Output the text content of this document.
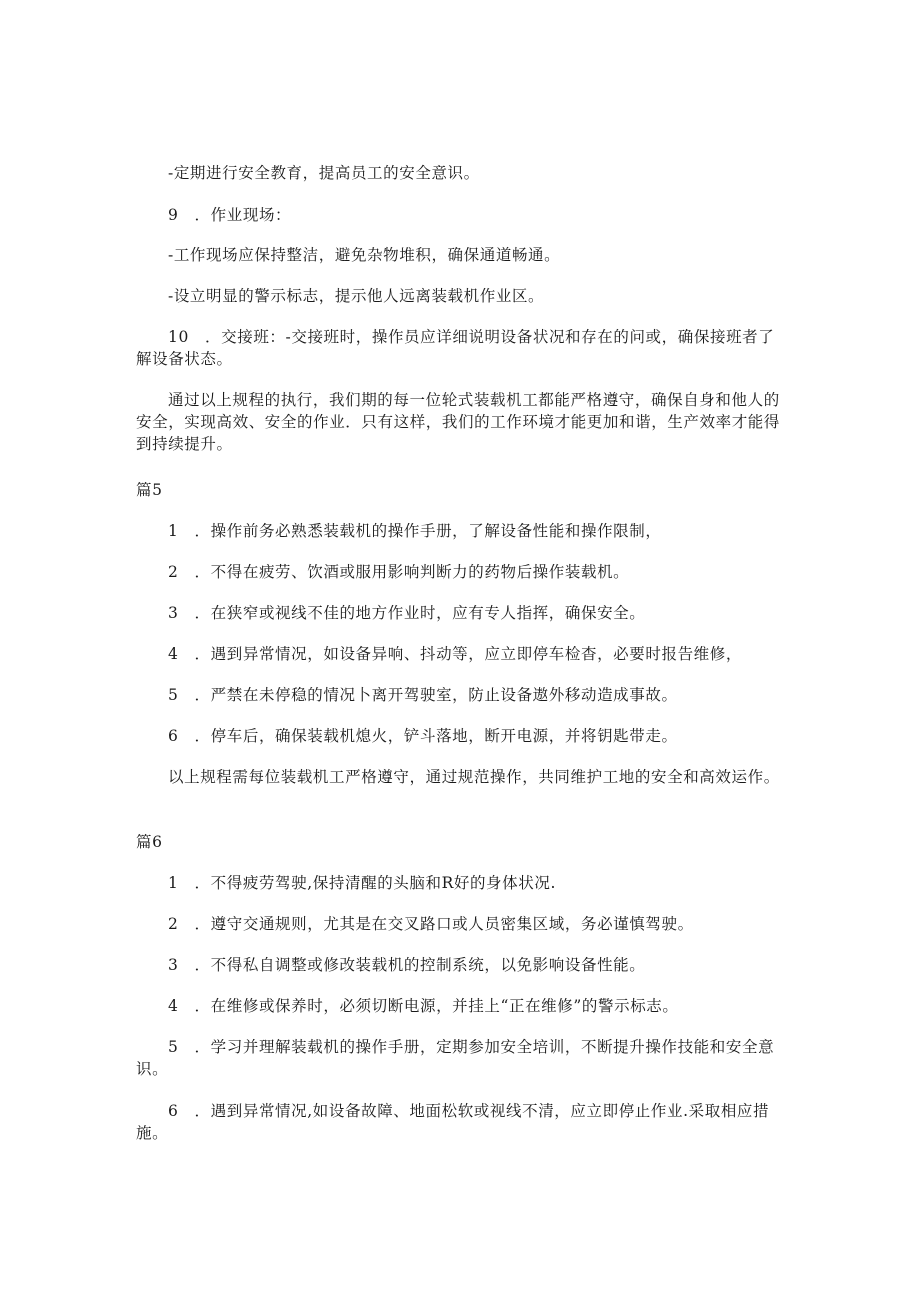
-定期进行安全教育，提高员工的安全意识。
9　．作业现场：
-工作现场应保持整洁，避免杂物堆积，确保通道畅通。
-设立明显的警示标志，提示他人远离装载机作业区。
10　．交接班：-交接班时，操作员应详细说明设备状况和存在的问或，确保接班者了解设备状态。
通过以上规程的执行，我们期的每一位轮式装载机工都能严格遵守，确保自身和他人的安全，实现高效、安全的作业．只有这样，我们的工作环境才能更加和谐，生产效率才能得到持续提升。
篇5
1　．操作前务必熟悉装载机的操作手册，了解设备性能和操作限制，
2　．不得在疲劳、饮酒或服用影响判断力的药物后操作装载机。
3　．在狭窄或视线不佳的地方作业时，应有专人指挥，确保安全。
4　．遇到异常情况，如设备异响、抖动等，应立即停车检杳，必要时报告维修，
5　．严禁在未停稳的情况卜离开驾驶室，防止设备遨外移动造成事故。
6　．停车后，确保装载机熄火，铲斗落地，断开电源，并将钥匙带走。
以上规程需每位装载机工严格遵守，通过规范操作，共同维护工地的安全和高效运作。
篇6
1　．不得疲劳驾驶,保持清醒的头脑和R好的身体状况.
2　．遵守交通规则，尤其是在交叉路口或人员密集区域，务必谨慎驾驶。
3　．不得私自调整或修改装载机的控制系统，以免影响设备性能。
4　．在维修或保养时，必须切断电源，并挂上“正在维修”的警示标志。
5　．学习并理解装载机的操作手册，定期参加安全培训，不断提升操作技能和安全意识。
6　．遇到异常情况,如设备故障、地面松软或视线不清，应立即停止作业.采取相应措施。
